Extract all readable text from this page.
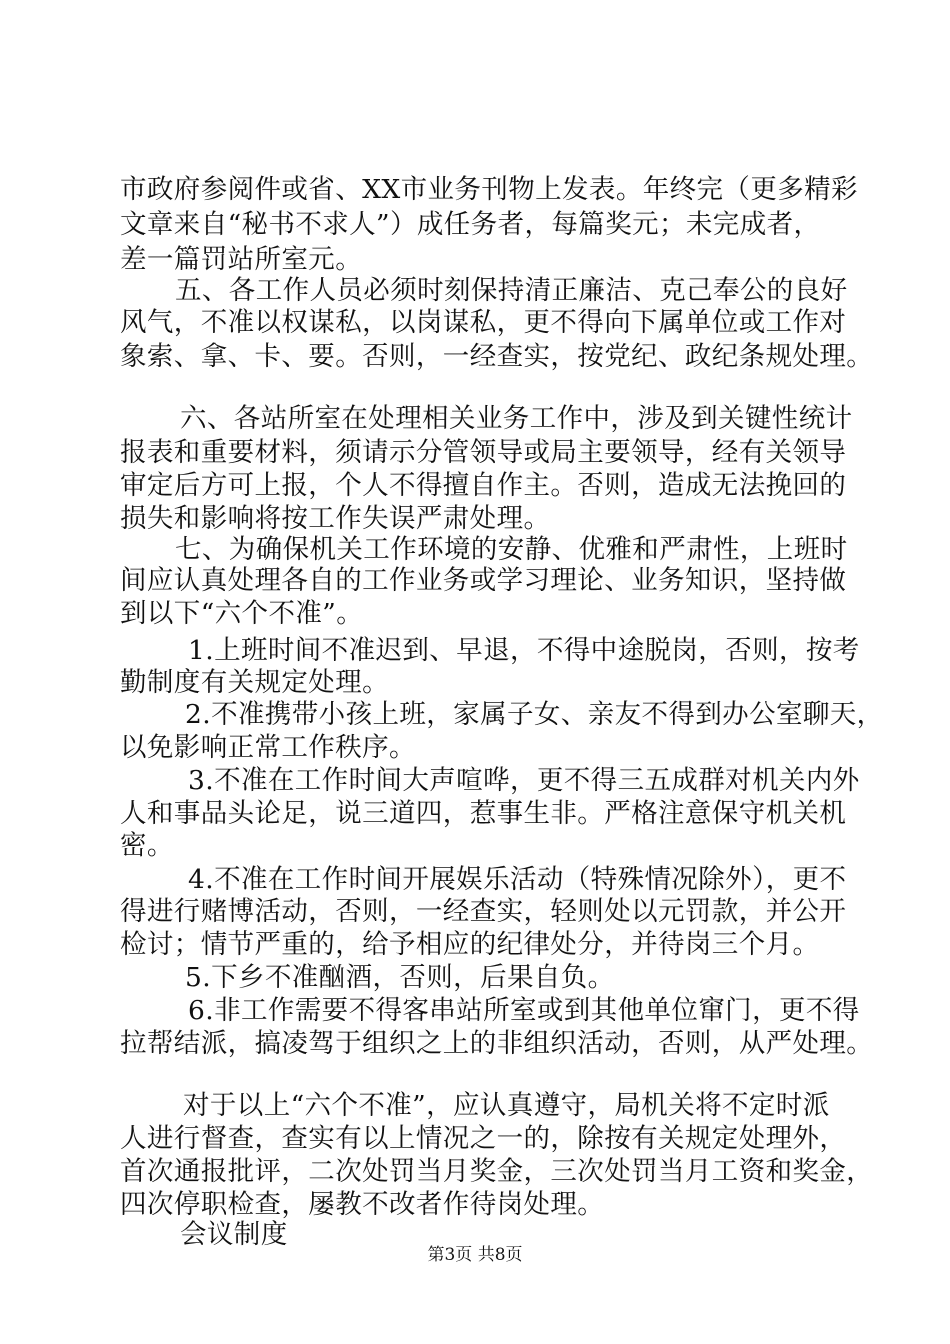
市政府参阅件或省、XX市业务刊物上发表。年终完（更多精彩
文章来自“秘书不求人”）成任务者，每篇奖元；未完成者，
差一篇罚站所室元。
五、各工作人员必须时刻保持清正廉洁、克己奉公的良好
风气，不准以权谋私，以岗谋私，更不得向下属单位或工作对
象索、拿、卡、要。否则，一经查实，按党纪、政纪条规处理。
六、各站所室在处理相关业务工作中，涉及到关键性统计
报表和重要材料，须请示分管领导或局主要领导，经有关领导
审定后方可上报，个人不得擅自作主。否则，造成无法挽回的
损失和影响将按工作失误严肃处理。
七、为确保机关工作环境的安静、优雅和严肃性，上班时
间应认真处理各自的工作业务或学习理论、业务知识，坚持做
到以下“六个不准”。
1.上班时间不准迟到、早退，不得中途脱岗，否则，按考
勤制度有关规定处理。
2.不准携带小孩上班，家属子女、亲友不得到办公室聊天，
以免影响正常工作秩序。
3.不准在工作时间大声喧哗，更不得三五成群对机关内外
人和事品头论足，说三道四，惹事生非。严格注意保守机关机
密。
4.不准在工作时间开展娱乐活动（特殊情况除外），更不
得进行赌博活动，否则，一经查实，轻则处以元罚款，并公开
检讨；情节严重的，给予相应的纪律处分，并待岗三个月。
5.下乡不准酗酒，否则，后果自负。
6.非工作需要不得客串站所室或到其他单位窜门，更不得
拉帮结派，搞凌驾于组织之上的非组织活动，否则，从严处理。
对于以上“六个不准”，应认真遵守，局机关将不定时派
人进行督查，查实有以上情况之一的，除按有关规定处理外，
首次通报批评，二次处罚当月奖金，三次处罚当月工资和奖金，
四次停职检查，屡教不改者作待岗处理。
会议制度
第3页 共8页
